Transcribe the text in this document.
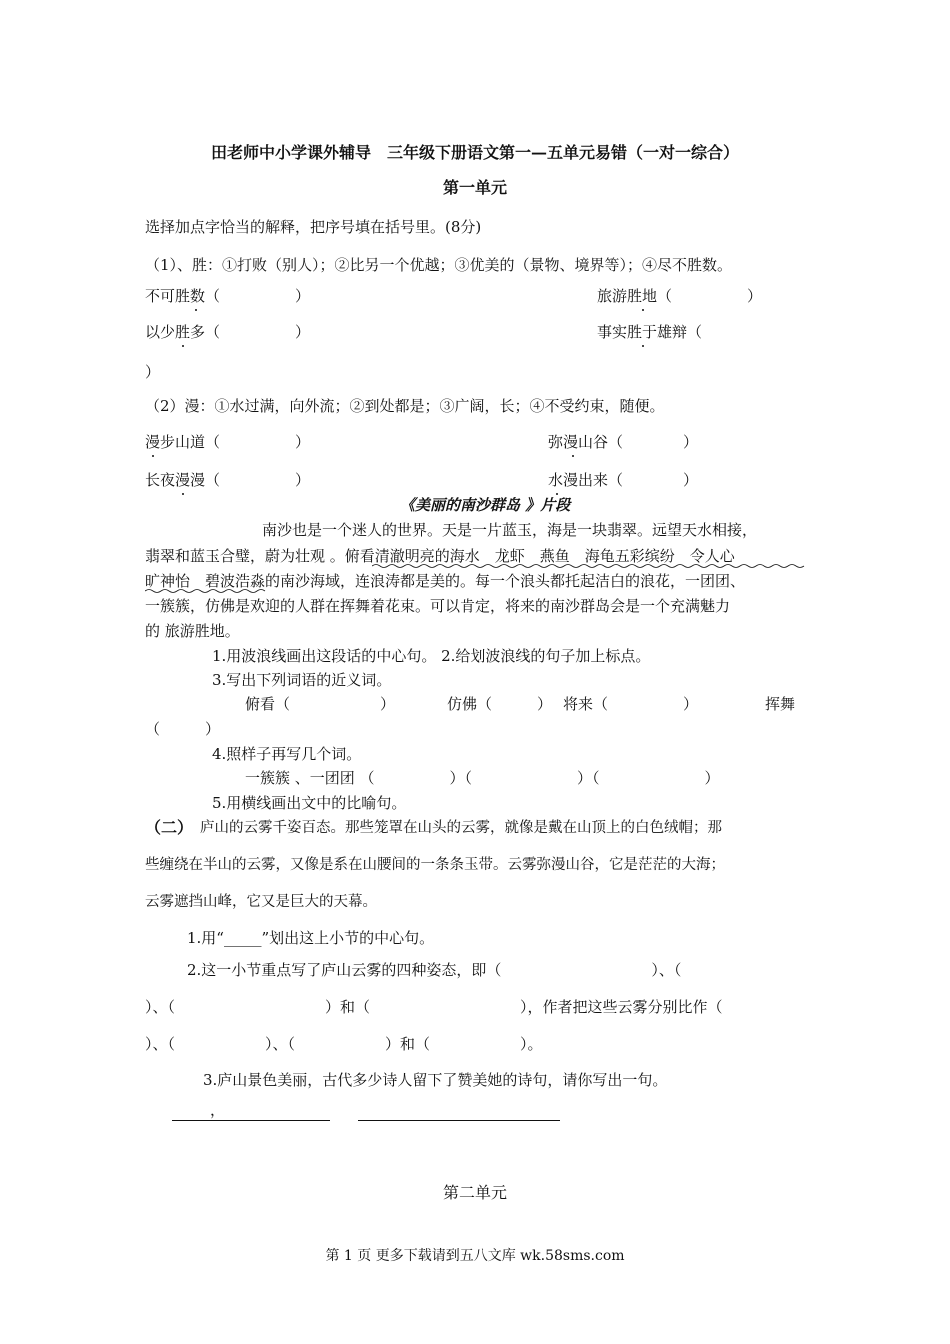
田老师中小学课外辅导　三年级下册语文第一—五单元易错（一对一综合）
第一单元
选择加点字恰当的解释，把序号填在括号里。(8分)
（1）、胜：①打败（别人）；②比另一个优越；③优美的（景物、境界等）；④尽不胜数。
不可胜数（　　　　　）	旅游胜地（　　　　　）
以少胜多（　　　　　）	事实胜于雄辩（
）
（2）漫：①水过满，向外流；②到处都是；③广阔，长；④不受约束，随便。
漫步山道（　　　　　）	弥漫山谷（　　　　）
长夜漫漫（　　　　　）	水漫出来（　　　　）
《美丽的南沙群岛 》片段
南沙也是一个迷人的世界。天是一片蓝玉，海是一块翡翠。远望天水相接，
翡翠和蓝玉合璧，蔚为壮观 。俯看清澈明亮的海水　龙虾　燕鱼　海龟五彩缤纷　令人心
旷神怡　碧波浩淼的南沙海域，连浪涛都是美的。每一个浪头都托起洁白的浪花，一团团、
一簇簇，仿佛是欢迎的人群在挥舞着花束。可以肯定，将来的南沙群岛会是一个充满魅力
的 旅游胜地。
1.用波浪线画出这段话的中心句。 2.给划波浪线的句子加上标点。
3.写出下列词语的近义词。
俯看（　　　　　　）	仿佛（　　　） 将来（　　　　　）	挥舞
（　　　）
4.照样子再写几个词。
一簇簇 、一团团 （　　　　　）（　　　　　　　）（　　　　　　　）
5.用横线画出文中的比喻句。
（二） 庐山的云雾千姿百态。那些笼罩在山头的云雾，就像是戴在山顶上的白色绒帽；那
些缠绕在半山的云雾，又像是系在山腰间的一条条玉带。云雾弥漫山谷，它是茫茫的大海；
云雾遮挡山峰，它又是巨大的天幕。
1.用“_____”划出这上小节的中心句。
2.这一小节重点写了庐山云雾的四种姿态，即（　　　　　　　　　　）、（
）、（　　　　　　　　　　）和（　　　　　　　　　　），作者把这些云雾分别比作（
）、（　　　　　　）、（　　　　　　）和（　　　　　　）。
3.庐山景色美丽，古代多少诗人留下了赞美她的诗句，请你写出一句。
，
第二单元
第 1 页 更多下载请到五八文库 wk.58sms.com
